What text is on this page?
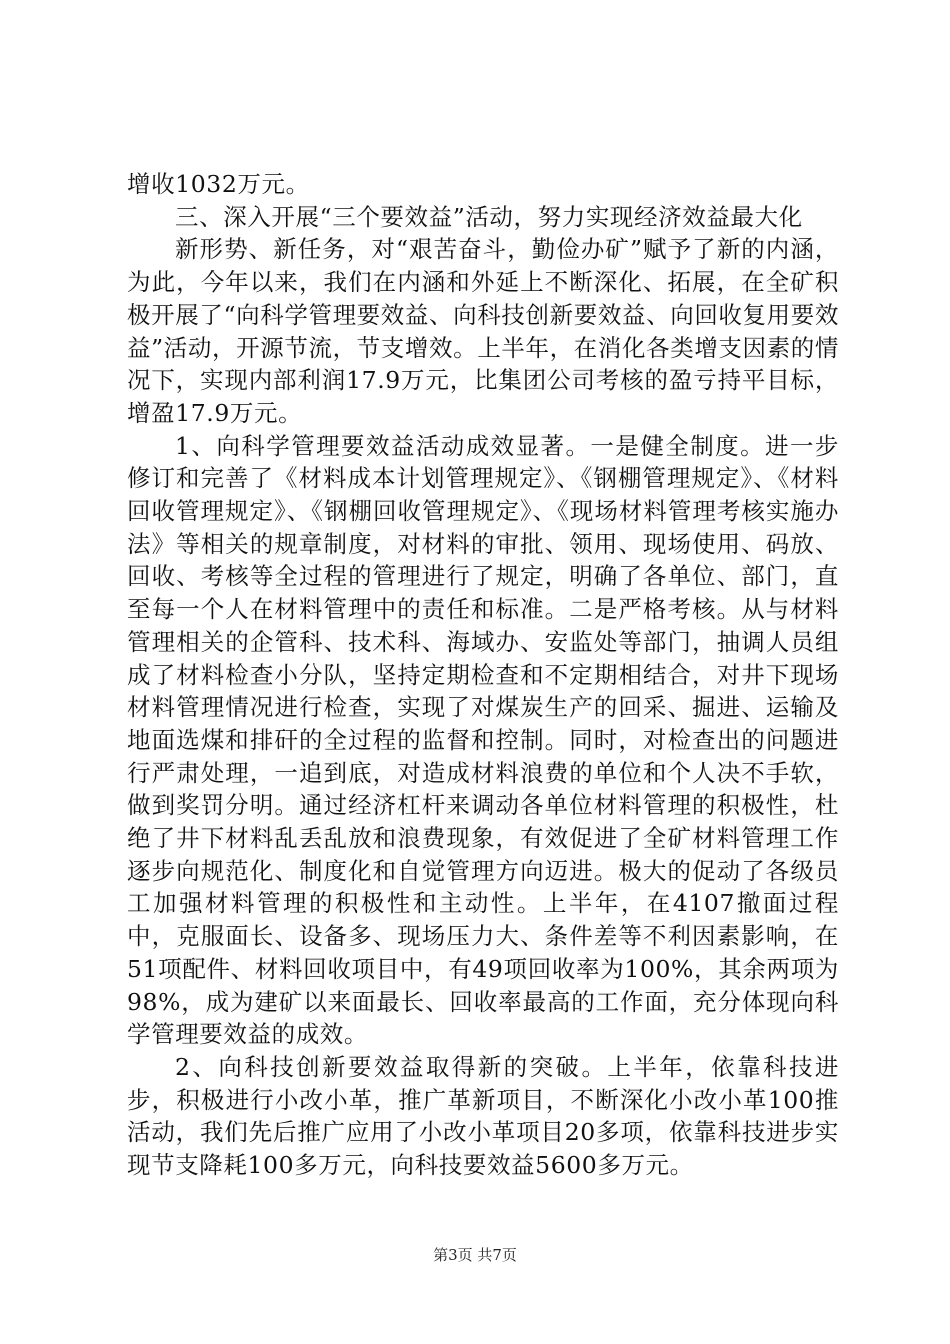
增收1032万元。

三、深入开展“三个要效益”活动，努力实现经济效益最大化

新形势、新任务，对“艰苦奋斗，勤俭办矿”赋予了新的内涵，为此，今年以来，我们在内涵和外延上不断深化、拓展，在全矿积极开展了“向科学管理要效益、向科技创新要效益、向回收复用要效益”活动，开源节流，节支增效。上半年，在消化各类增支因素的情况下，实现内部利润17.9万元，比集团公司考核的盈亏持平目标，增盈17.9万元。

1、向科学管理要效益活动成效显著。一是健全制度。进一步修订和完善了《材料成本计划管理规定》、《钢棚管理规定》、《材料回收管理规定》、《钢棚回收管理规定》、《现场材料管理考核实施办法》等相关的规章制度，对材料的审批、领用、现场使用、码放、回收、考核等全过程的管理进行了规定，明确了各单位、部门，直至每一个人在材料管理中的责任和标准。二是严格考核。从与材料管理相关的企管科、技术科、海域办、安监处等部门，抽调人员组成了材料检查小分队，坚持定期检查和不定期相结合，对井下现场材料管理情况进行检查，实现了对煤炭生产的回采、掘进、运输及地面选煤和排矸的全过程的监督和控制。同时，对检查出的问题进行严肃处理，一追到底，对造成材料浪费的单位和个人决不手软，做到奖罚分明。通过经济杠杆来调动各单位材料管理的积极性，杜绝了井下材料乱丢乱放和浪费现象，有效促进了全矿材料管理工作逐步向规范化、制度化和自觉管理方向迈进。极大的促动了各级员工加强材料管理的积极性和主动性。上半年，在4107撤面过程中，克服面长、设备多、现场压力大、条件差等不利因素影响，在51项配件、材料回收项目中，有49项回收率为100%，其余两项为98%，成为建矿以来面最长、回收率最高的工作面，充分体现向科学管理要效益的成效。

2、向科技创新要效益取得新的突破。上半年，依靠科技进步，积极进行小改小革，推广革新项目，不断深化小改小革100推活动，我们先后推广应用了小改小革项目20多项，依靠科技进步实现节支降耗100多万元，向科技要效益5600多万元。

第3页 共7页
